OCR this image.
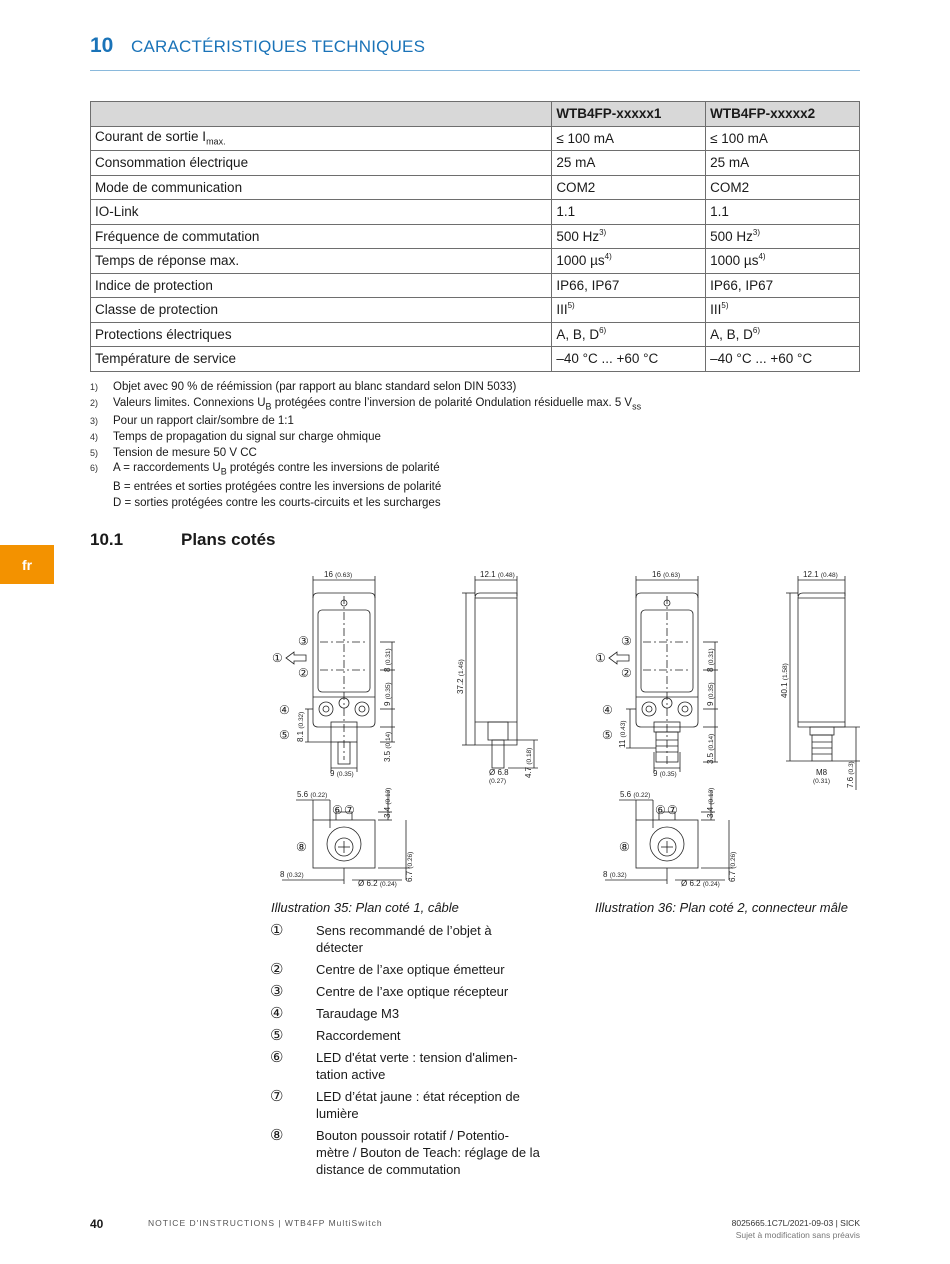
10 CARACTÉRISTIQUES TECHNIQUES
	WTB4FP-xxxxx1	WTB4FP-xxxxx2
Courant de sortie $I_{max.}$	≤ 100 mA	≤ 100 mA
Consommation électrique	25 mA	25 mA
Mode de communication	COM2	COM2
IO-Link	1.1	1.1
Fréquence de commutation	500 Hz$^{3)}$	500 Hz$^{3)}$
Temps de réponse max.	1000 µs$^{4)}$	1000 µs$^{4)}$
Indice de protection	IP66, IP67	IP66, IP67
Classe de protection	III$^{5)}$	III$^{5)}$
Protections électriques	A, B, $D^{6)}$	A, B, $D^{6)}$
Température de service	–40 °C ... +60 °C	–40 °C ... +60 °C
1)	Objet avec 90 % de réémission (par rapport au blanc standard selon DIN 5033)
2)	Valeurs limites. Connexions $U_B$ protégées contre l’inversion de polarité Ondulation résiduelle max. 5 $V_{ss}$
3)	Pour un rapport clair/sombre de 1:1
4)	Temps de propagation du signal sur charge ohmique
5)	Tension de mesure 50 V CC
6)	A = raccordements $U_B$ protégés contre les inversions de polarité
B = entrées et sorties protégées contre les inversions de polarité
D = sorties protégées contre les courts-circuits et les surcharges
fr
10.1	Plans cotés
③
①
②
④
⑤
⑥ ⑦
⑧
16 (0.63)	12.1 (0.48)
8 (0.31)
9 (0.35)
3.5 (0.14)
8.1 (0.32)
9 (0.35)
37.2 (1.46)
4.7 (0.18)
Ø 6.8
(0.27)
5.6 (0.22)
3.4 (0.13)
6.7 (0.26)
8 (0.32)
Ø 6.2 (0.24)
③
①
②
④
⑤
⑥ ⑦
⑧
16 (0.63)	12.1 (0.48)
8 (0.31)
9 (0.35)
3.5 (0.14)
11 (0.43)
9 (0.35)
40.1 (1.58)
M8
(0.31) 7.6 (0.3)
5.6 (0.22)
3.4 (0.13)
6.7 (0.26)
8 (0.32)
Ø 6.2 (0.24)
Illustration 35: Plan coté 1, câble	Illustration 36: Plan coté 2, connecteur mâle
①	Sens recommandé de l’objet à détecter
②	Centre de l’axe optique émetteur
③	Centre de l’axe optique récepteur
④	Taraudage M3
⑤	Raccordement
⑥	LED d'état verte : tension d'alimen-tation active
⑦	LED d’état jaune : état réception de lumière
⑧	Bouton poussoir rotatif / Potentio-mètre / Bouton de Teach: réglage de la distance de commutation
40	NOTICE D'INSTRUCTIONS | WTB4FP MultiSwitch	8025665.1C7L/2021-09-03 | SICK
Sujet à modification sans préavis
